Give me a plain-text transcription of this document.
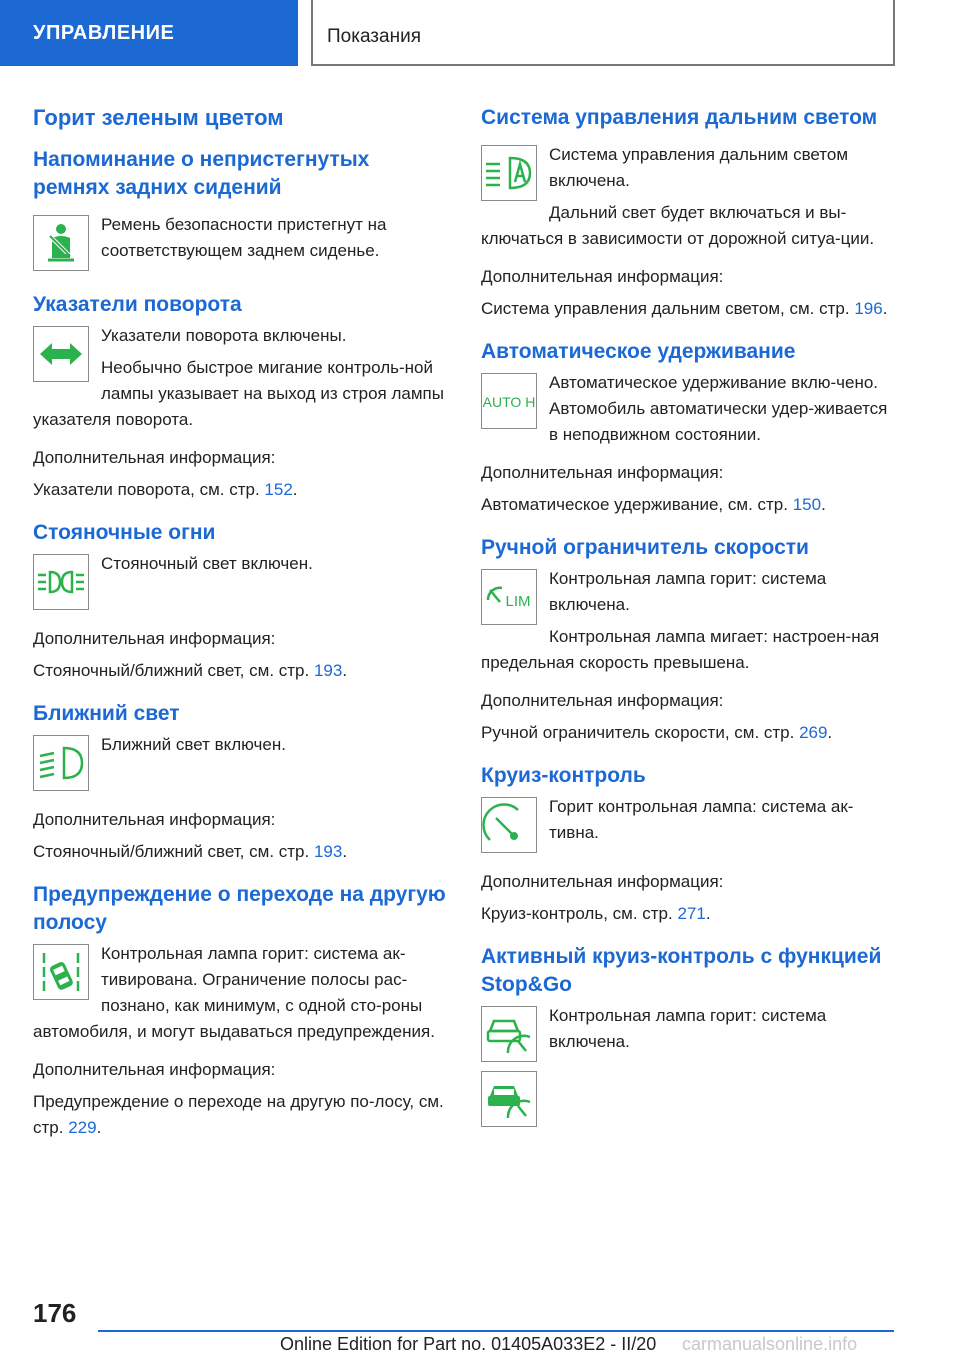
УПРАВЛЕНИЕ	Показания
Горит зеленым цветом
Напоминание о непристегнутых ремнях задних сидений

Ремень безопасности пристегнут на соответствующем заднем сиденье.

Указатели поворота

Указатели поворота включены.

Необычно быстрое мигание контроль-ной лампы указывает на выход из строя лампы указателя поворота.

Дополнительная информация:

Указатели поворота, см. стр. 152.

Стояночные огни

Стояночный свет включен.

Дополнительная информация:

Стояночный/ближний свет, см. стр. 193.

Ближний свет

Ближний свет включен.

Дополнительная информация:

Стояночный/ближний свет, см. стр. 193.

Предупреждение о переходе на другую полосу

Контрольная лампа горит: система ак-тивирована. Ограничение полосы рас-познано, как минимум, с одной сто-роны автомобиля, и могут выдаваться предупреждения.

Дополнительная информация:

Предупреждение о переходе на другую по-лосу, см. стр. 229.

Система управления дальним светом

Система управления дальним светом включена.

Дальний свет будет включаться и вы-ключаться в зависимости от дорожной ситуа-ции.

Дополнительная информация:

Система управления дальним светом, см. стр. 196.

Автоматическое удерживание
AUTO H

Автоматическое удерживание вклю-чено. Автомобиль автоматически удер-живается в неподвижном состоянии.

Дополнительная информация:

Автоматическое удерживание, см. стр. 150.

Ручной ограничитель скорости
LIM

Контрольная лампа горит: система включена.

Контрольная лампа мигает: настроен-ная предельная скорость превышена.

Дополнительная информация:

Ручной ограничитель скорости, см. стр. 269.

Круиз-контроль

Горит контрольная лампа: система ак-тивна.

Дополнительная информация:

Круиз-контроль, см. стр. 271.

Активный круиз-контроль с функцией Stop&Go

Контрольная лампа горит: система включена.

176
Online Edition for Part no. 01405A033E2 - II/20 carmanualsonline.info
